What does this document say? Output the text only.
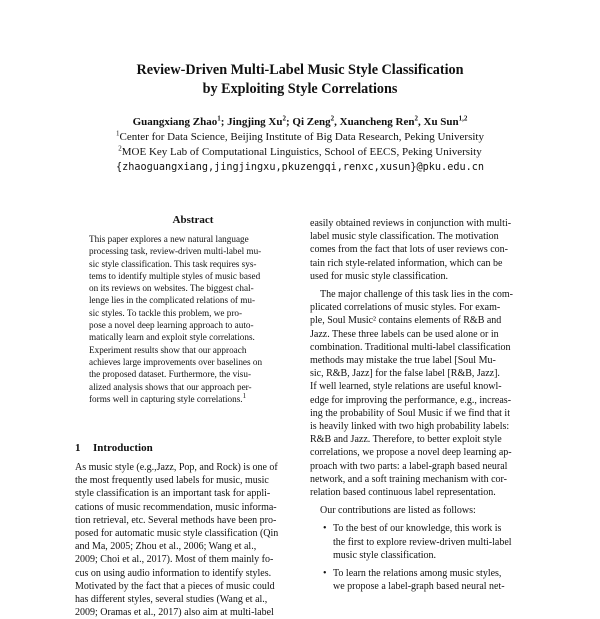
Review-Driven Multi-Label Music Style Classification
by Exploiting Style Correlations
Guangxiang Zhao$^1$; Jingjing Xu$^2$; Qi Zeng$^2$, Xuancheng Ren$^2$, Xu Sun$^{1,2}$
$^1$Center for Data Science, Beijing Institute of Big Data Research, Peking University
$^2$MOE Key Lab of Computational Linguistics, School of EECS, Peking University
{zhaoguangxiang,jingjingxu,pkuzengqi,renxc,xusun}@pku.edu.cn
Abstract
This paper explores a new natural language
processing task, review-driven multi-label mu-
sic style classification. This task requires sys-
tems to identify multiple styles of music based
on its reviews on websites. The biggest chal-
lenge lies in the complicated relations of mu-
sic styles. To tackle this problem, we pro-
pose a novel deep learning approach to auto-
matically learn and exploit style correlations.
Experiment results show that our approach
achieves large improvements over baselines on
the proposed dataset. Furthermore, the visu-
alized analysis shows that our approach per-
forms well in capturing style correlations.$^1$
1 Introduction
As music style (e.g.,Jazz, Pop, and Rock) is one of
the most frequently used labels for music, music
style classification is an important task for appli-
cations of music recommendation, music informa-
tion retrieval, etc. Several methods have been pro-
posed for automatic music style classification (Qin
and Ma, 2005; Zhou et al., 2006; Wang et al.,
2009; Choi et al., 2017). Most of them mainly fo-
cus on using audio information to identify styles.
Motivated by the fact that a pieces of music could
has different styles, several studies (Wang et al.,
2009; Oramas et al., 2017) also aim at multi-label
easily obtained reviews in conjunction with multi-
label music style classification. The motivation
comes from the fact that lots of user reviews con-
tain rich style-related information, which can be
used for music style classification.
The major challenge of this task lies in the com-
plicated correlations of music styles. For exam-
ple, Soul Music² contains elements of R&B and
Jazz. These three labels can be used alone or in
combination. Traditional multi-label classification
methods may mistake the true label [Soul Mu-
sic, R&B, Jazz] for the false label [R&B, Jazz].
If well learned, style relations are useful knowl-
edge for improving the performance, e.g., increas-
ing the probability of Soul Music if we find that it
is heavily linked with two high probability labels:
R&B and Jazz. Therefore, to better exploit style
correlations, we propose a novel deep learning ap-
proach with two parts: a label-graph based neural
network, and a soft training mechanism with cor-
relation based continuous label representation.
Our contributions are listed as follows:
• To the best of our knowledge, this work is
the first to explore review-driven multi-label
music style classification.
• To learn the relations among music styles,
we propose a label-graph based neural net-
